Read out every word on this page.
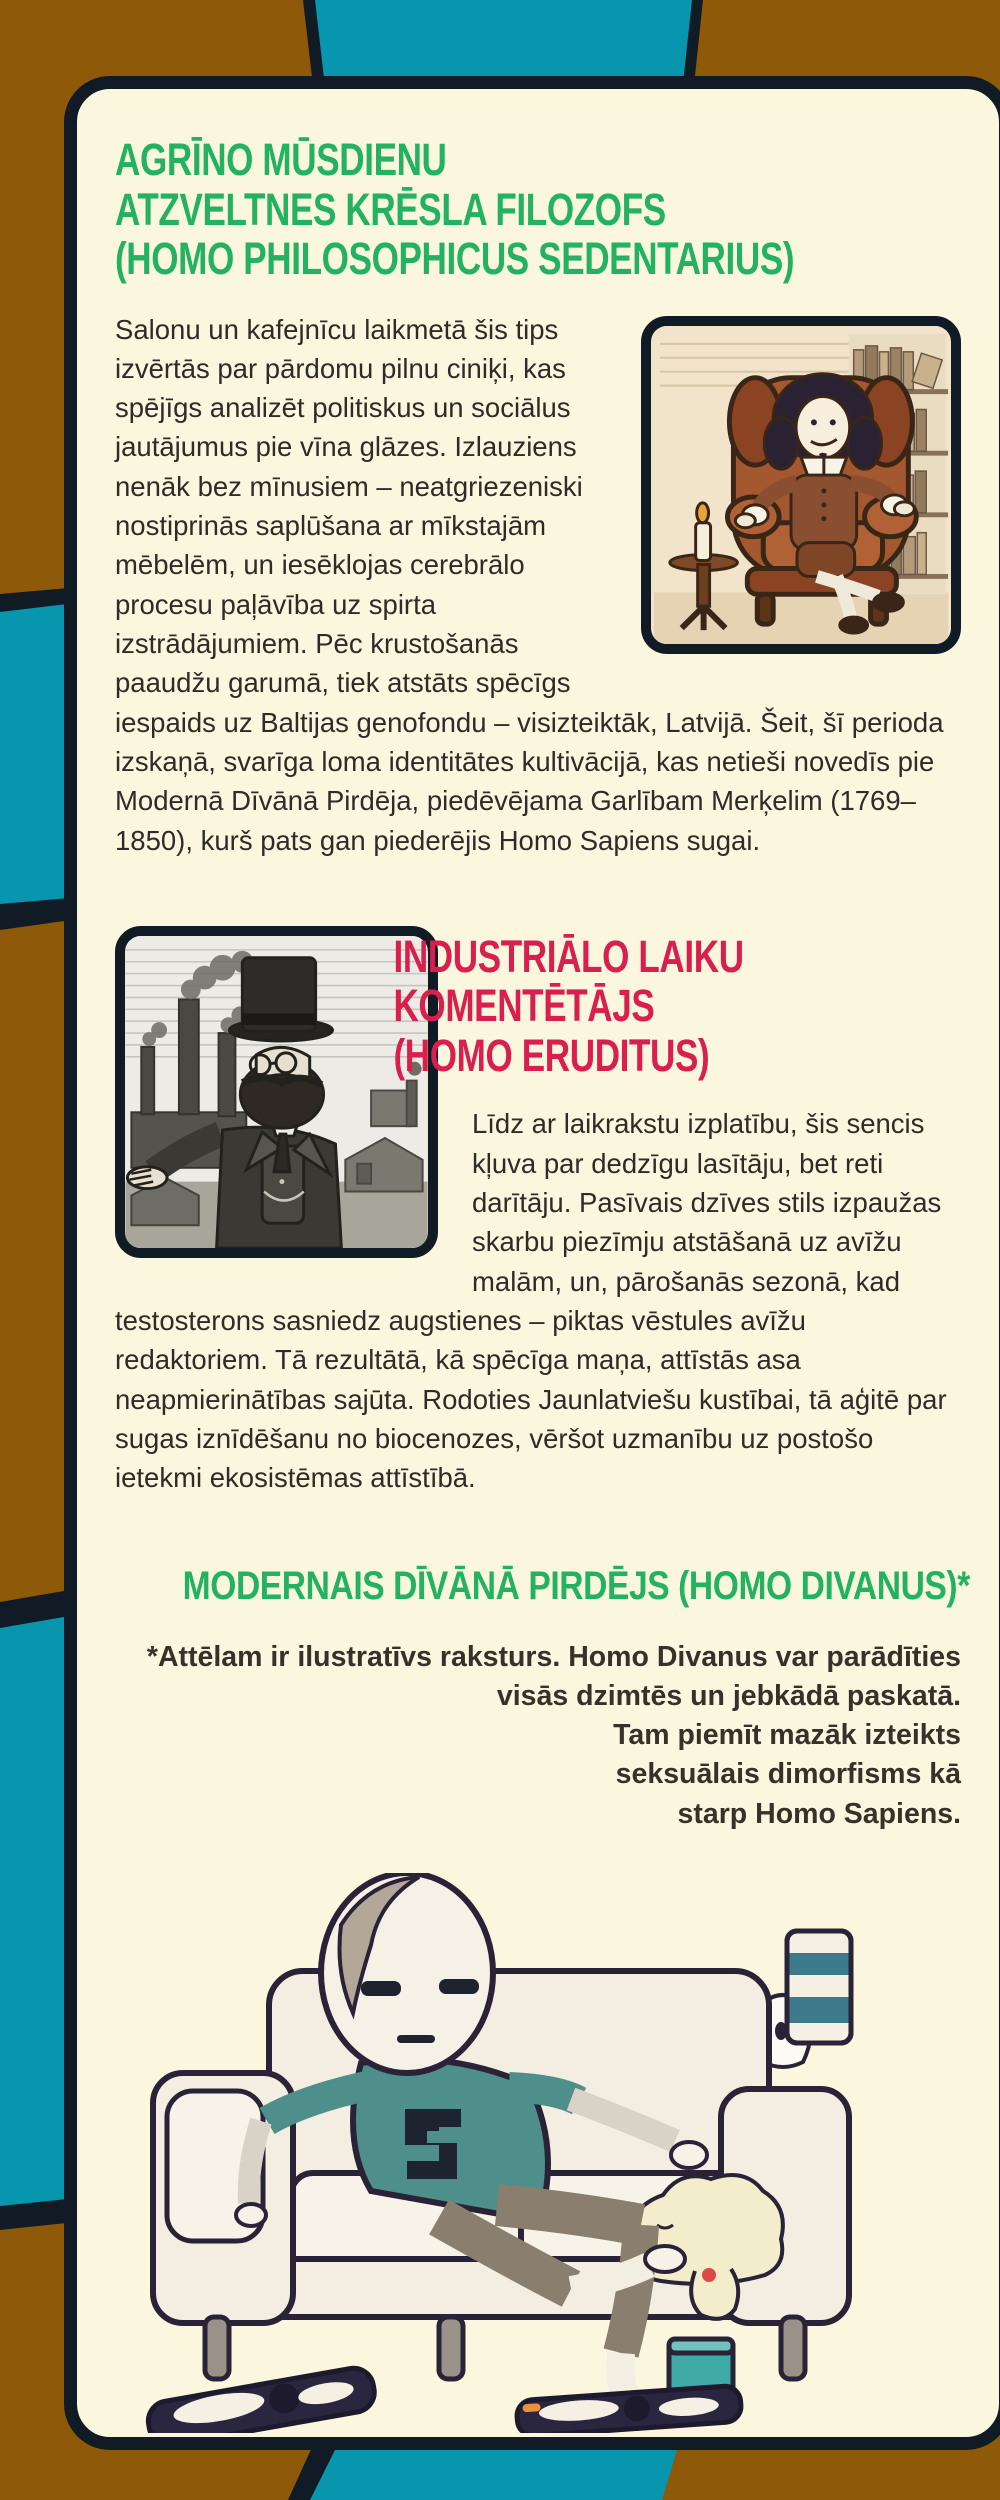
AGRĪNO MŪSDIENU
ATZVELTNES KRĒSLA FILOZOFS
(HOMO PHILOSOPHICUS SEDENTARIUS)

Salonu un kafejnīcu laikmetā šis tips izvērtās par pārdomu pilnu ciniķi, kas spējīgs analizēt politiskus un sociālus jautājumus pie vīna glāzes. Izlauziens nenāk bez mīnusiem – neatgriezeniski nostiprinās saplūšana ar mīkstajām mēbelēm, un iesēklojas cerebrālo procesu paļāvība uz spirta izstrādājumiem. Pēc krustošanās paaudžu garumā, tiek atstāts spēcīgs iespaids uz Baltijas genofondu – visizteiktāk, Latvijā. Šeit, šī perioda izskaņā, svarīga loma identitātes kultivācijā, kas netieši novedīs pie Modernā Dīvānā Pirdēja, piedēvējama Garlībam Merķelim (1769–1850), kurš pats gan piederējis Homo Sapiens sugai.

INDUSTRIĀLO LAIKU
KOMENTĒTĀJS
(HOMO ERUDITUS)

Līdz ar laikrakstu izplatību, šis sencis kļuva par dedzīgu lasītāju, bet reti darītāju. Pasīvais dzīves stils izpaužas skarbu piezīmju atstāšanā uz avīžu malām, un, pārošanās sezonā, kad testosterons sasniedz augstienes – piktas vēstules avīžu redaktoriem. Tā rezultātā, kā spēcīga maņa, attīstās asa neapmierinātības sajūta. Rodoties Jaunlatviešu kustībai, tā aģitē par sugas iznīdēšanu no biocenozes, vēršot uzmanību uz postošo ietekmi ekosistēmas attīstībā.

MODERNAIS DĪVĀNĀ PIRDĒJS (HOMO DIVANUS)*

*Attēlam ir ilustratīvs raksturs. Homo Divanus var parādīties
visās dzimtēs un jebkādā paskatā.
Tam piemīt mazāk izteikts
seksuālais dimorfisms kā
starp Homo Sapiens.
